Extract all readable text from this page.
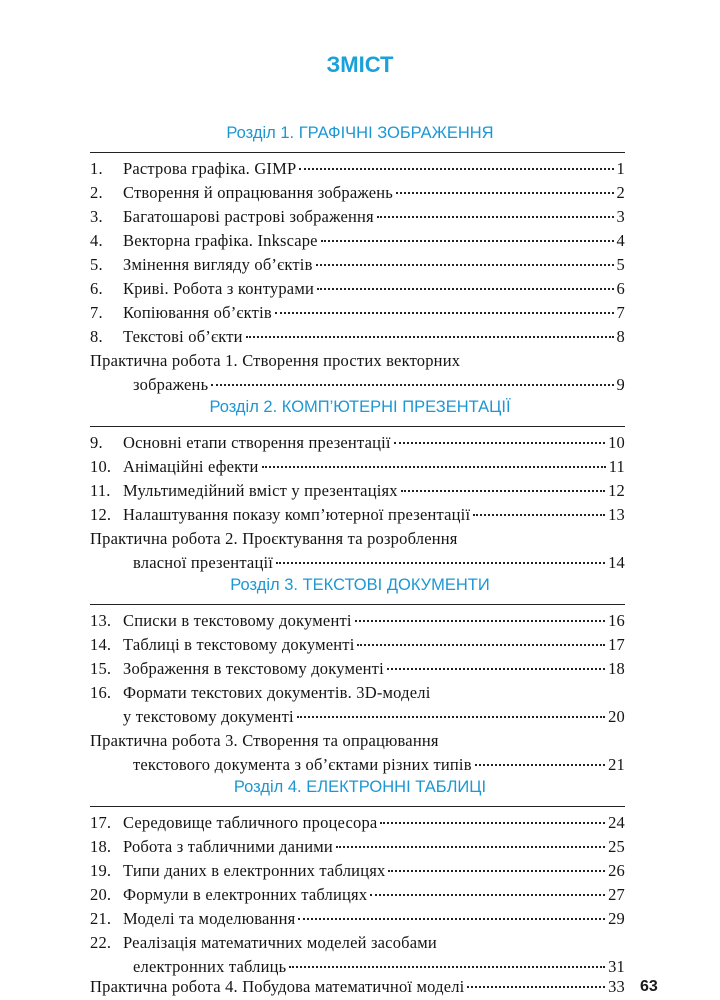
ЗМІСТ
Розділ 1. ГРАФІЧНІ ЗОБРАЖЕННЯ
1.	Растрова графіка. GIMP	1
2.	Створення й опрацювання зображень	2
3.	Багатошарові растрові зображення	3
4.	Векторна графіка. Inkscape	4
5.	Змінення вигляду об’єктів	5
6.	Криві. Робота з контурами	6
7.	Копіювання об’єктів	7
8.	Текстові об’єкти	8
Практична робота 1. Створення простих векторних
зображень	9
Розділ 2. КОМП’ЮТЕРНІ ПРЕЗЕНТАЦІЇ
9.	Основні етапи створення презентації	10
10. Анімаційні ефекти	11
11. Мультимедійний вміст у презентаціях	12
12. Налаштування показу комп’ютерної презентації	13
Практична робота 2. Проєктування та розроблення
власної презентації	14
Розділ 3. ТЕКСТОВІ ДОКУМЕНТИ
13. Списки в текстовому документі	16
14. Таблиці в текстовому документі	17
15. Зображення в текстовому документі	18
16. Формати текстових документів. 3D-моделі
у текстовому документі	20
Практична робота 3. Створення та опрацювання
текстового документа з об’єктами різних типів	21
Розділ 4. ЕЛЕКТРОННІ ТАБЛИЦІ
17. Середовище табличного процесора	24
18. Робота з табличними даними	25
19. Типи даних в електронних таблицях	26
20. Формули в електронних таблицях	27
21. Моделі та моделювання	29
22. Реалізація математичних моделей засобами
електронних таблиць	31
Практична робота 4. Побудова математичної моделі	33 63
